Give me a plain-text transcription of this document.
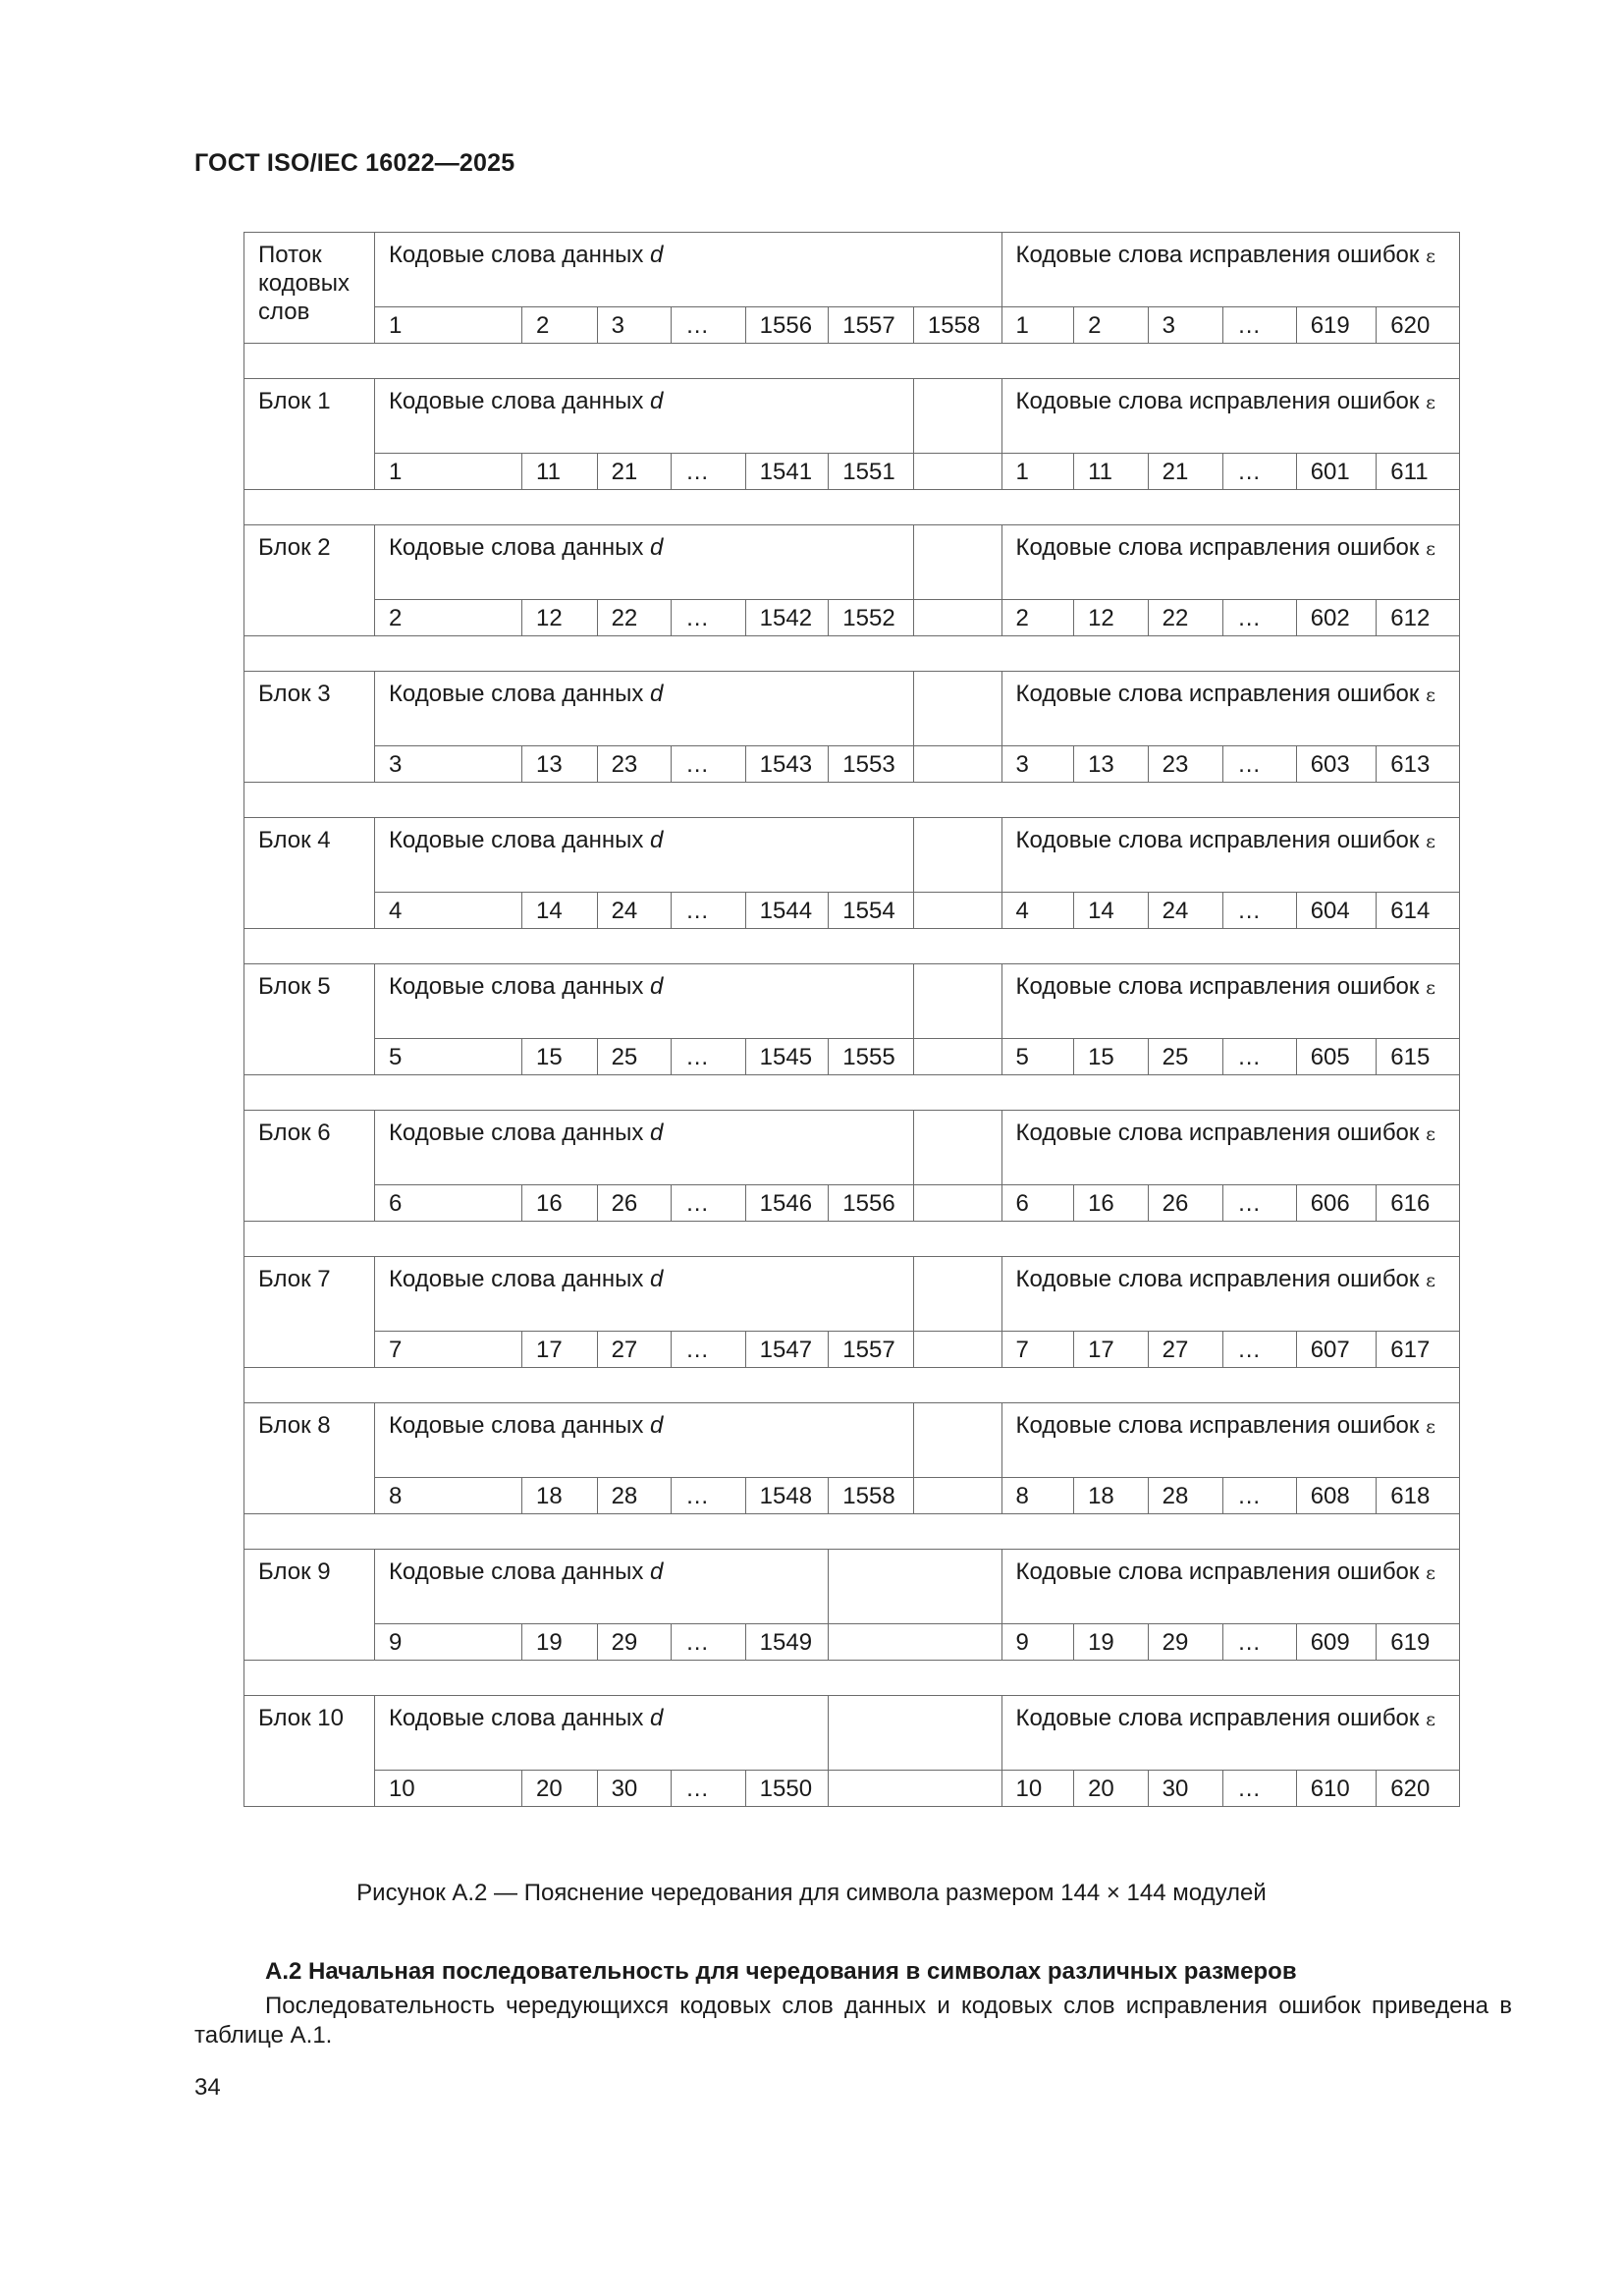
ГОСТ ISO/IEC 16022—2025
Поток кодовых слов	Кодовые слова данных d							Кодовые слова исправления ошибок ε					
	1	2	3	…	1556	1557	1558	1	2	3	…	619	620

Блок 1	Кодовые слова данных d							Кодовые слова исправления ошибок ε					
	1	11	21	…	1541	1551		1	11	21	…	601	611

Блок 2	Кодовые слова данных d							Кодовые слова исправления ошибок ε					
	2	12	22	…	1542	1552		2	12	22	…	602	612

Блок 3	Кодовые слова данных d							Кодовые слова исправления ошибок ε					
	3	13	23	…	1543	1553		3	13	23	…	603	613

Блок 4	Кодовые слова данных d							Кодовые слова исправления ошибок ε					
	4	14	24	…	1544	1554		4	14	24	…	604	614

Блок 5	Кодовые слова данных d							Кодовые слова исправления ошибок ε					
	5	15	25	…	1545	1555		5	15	25	…	605	615

Блок 6	Кодовые слова данных d							Кодовые слова исправления ошибок ε					
	6	16	26	…	1546	1556		6	16	26	…	606	616

Блок 7	Кодовые слова данных d							Кодовые слова исправления ошибок ε					
	7	17	27	…	1547	1557		7	17	27	…	607	617

Блок 8	Кодовые слова данных d							Кодовые слова исправления ошибок ε					
	8	18	28	…	1548	1558		8	18	28	…	608	618

Блок 9	Кодовые слова данных d							Кодовые слова исправления ошибок ε					
	9	19	29	…	1549			9	19	29	…	609	619

Блок 10	Кодовые слова данных d							Кодовые слова исправления ошибок ε					
	10	20	30	…	1550			10	20	30	…	610	620
Рисунок А.2 — Пояснение чередования для символа размером 144 × 144 модулей
А.2 Начальная последовательность для чередования в символах различных размеров
Последовательность чередующихся кодовых слов данных и кодовых слов исправления ошибок приведена в таблице А.1.
34
